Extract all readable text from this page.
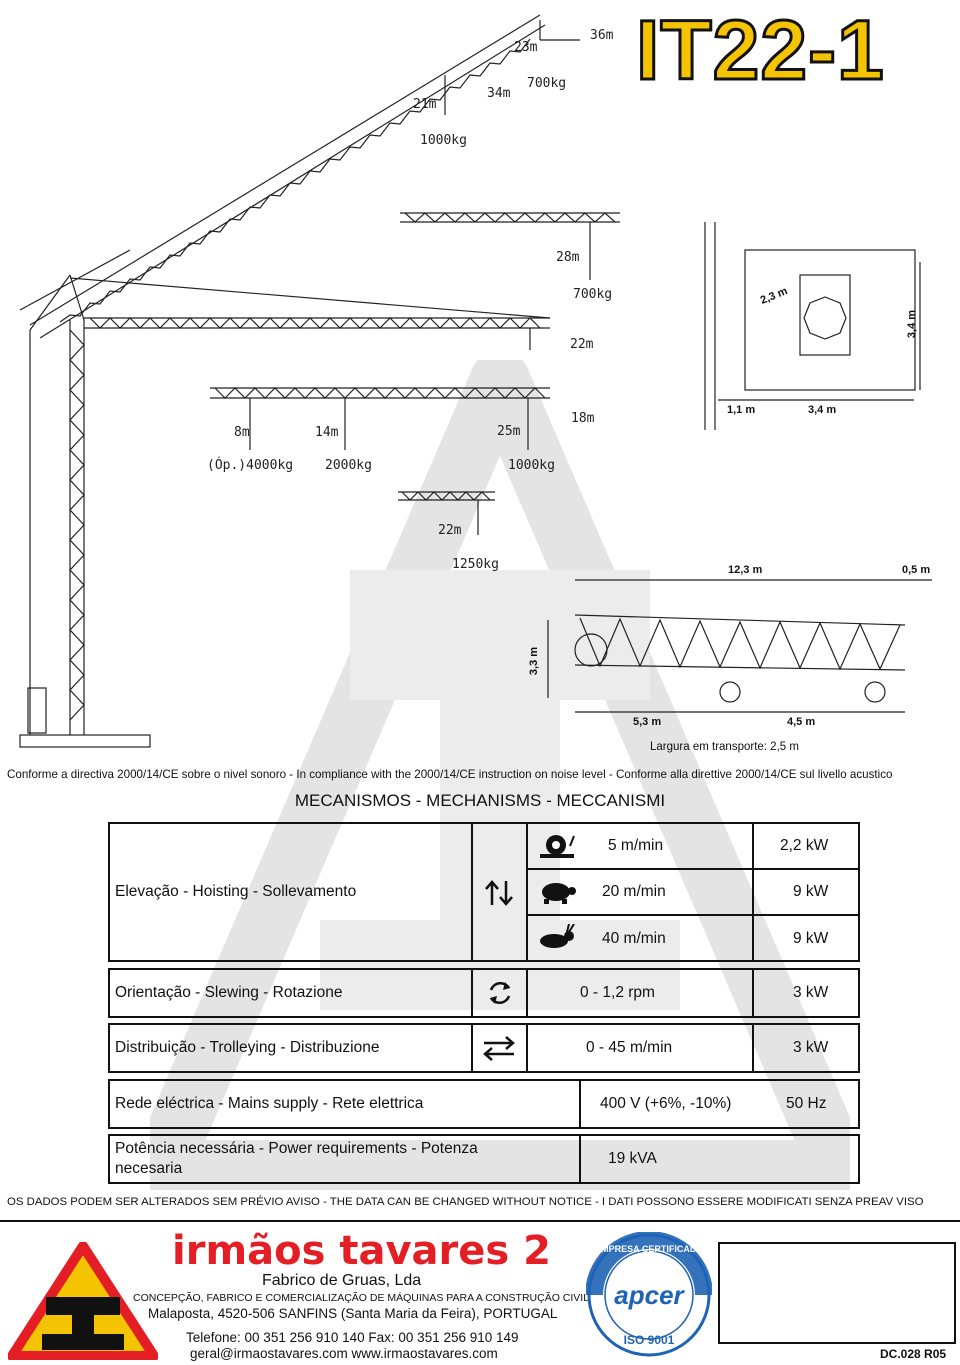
IT22-1
36m
23m
34m
700kg
21m
1000kg
28m
700kg
22m
8m	14m	25m
18m
(Óp.)4000kg 2000kg	1000kg
22m
1250kg
2,3 m
3,4 m
1,1 m	3,4 m
12,3 m	0,5 m
3,3 m
5,3 m	4,5 m
Largura em transporte: 2,5 m
Conforme a directiva 2000/14/CE sobre o nivel sonoro - In compliance with the 2000/14/CE instruction on noise level - Conforme alla direttive 2000/14/CE sul livello acustico
MECANISMOS - MECHANISMS - MECCANISMI
Elevação - Hoisting - Sollevamento
5 m/min	2,2 kW
20 m/min	9 kW
40 m/min	9 kW
Orientação - Slewing - Rotazione	0 - 1,2 rpm	3 kW
Distribuição - Trolleying - Distribuzione	0 - 45 m/min	3 kW
Rede eléctrica - Mains supply - Rete elettrica	400 V (+6%, -10%)	50 Hz
Potência necessária - Power requirements - Potenza
necesaria
19 kVA
OS DADOS PODEM SER ALTERADOS SEM PRÉVIO AVISO - THE DATA CAN BE CHANGED WITHOUT NOTICE - I DATI POSSONO ESSERE MODIFICATI SENZA PREAV VISO
irmãos tavares 2
Fabrico de Gruas, Lda
CONCEPÇÃO, FABRICO E COMERCIALIZAÇÃO DE MÁQUINAS PARA A CONSTRUÇÃO CIVIL
Malaposta, 4520-506 SANFINS (Santa Maria da Feira), PORTUGAL
Telefone: 00 351 256 910 140 Fax: 00 351 256 910 149
geral@irmaostavares.com www.irmaostavares.com
EMPRESA CERTIFICADA
apcer
ISO 9001
DC.028 R05
